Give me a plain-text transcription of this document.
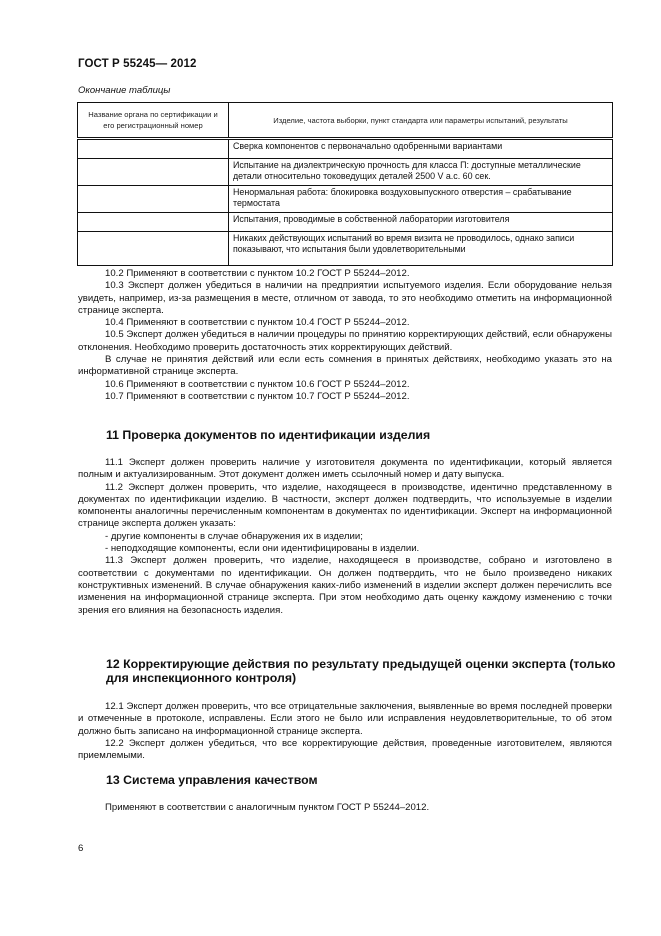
ГОСТ Р 55245— 2012
Окончание таблицы
Название органа по сертификации и его регистрационный номер	Изделие, частота выборки, пункт стандарта или параметры испытаний, результаты
	Сверка компонентов с первоначально одобренными вариантами
	Испытание на диэлектрическую прочность для класса П: доступные металлические детали относительно токоведущих деталей 2500 V a.c. 60 сек.
	Ненормальная работа: блокировка воздуховыпускного отверстия – срабатывание термостата
	Испытания, проводимые в собственной лаборатории изготовителя
	Никаких действующих испытаний во время визита не проводилось, однако записи показывают, что испытания были удовлетворительными

10.2 Применяют в соответствии с пунктом 10.2 ГОСТ Р 55244–2012.

10.3 Эксперт должен убедиться в наличии на предприятии испытуемого изделия. Если оборудование нельзя увидеть, например, из-за размещения в месте, отличном от завода, то это необходимо отметить на информационной странице эксперта.

10.4 Применяют в соответствии с пунктом 10.4 ГОСТ Р 55244–2012.

10.5 Эксперт должен убедиться в наличии процедуры по принятию корректирующих действий, если обнаружены отклонения. Необходимо проверить достаточность этих корректирующих действий.

В случае не принятия действий или если есть сомнения в принятых действиях, необходимо указать это на информативной странице эксперта.

10.6 Применяют в соответствии с пунктом 10.6 ГОСТ Р 55244–2012.

10.7 Применяют в соответствии с пунктом 10.7 ГОСТ Р 55244–2012.

11 Проверка документов по идентификации изделия

11.1 Эксперт должен проверить наличие у изготовителя документа по идентификации, который является полным и актуализированным. Этот документ должен иметь ссылочный номер и дату выпуска.

11.2 Эксперт должен проверить, что изделие, находящееся в производстве, идентично представленному в документах по идентификации изделию. В частности, эксперт должен подтвердить, что используемые в изделии компоненты аналогичны перечисленным компонентам в документах по идентификации. Эксперт на информационной странице эксперта должен указать:

- другие компоненты в случае обнаружения их в изделии;

- неподходящие компоненты, если они идентифицированы в изделии.

11.3 Эксперт должен проверить, что изделие, находящееся в производстве, собрано и изготовлено в соответствии с документами по идентификации. Он должен подтвердить, что не было произведено никаких конструктивных изменений. В случае обнаружения каких-либо изменений в изделии эксперт должен перечислить все изменения на информационной странице эксперта. При этом необходимо дать оценку каждому изменению с точки зрения его влияния на безопасность изделия.

12 Корректирующие действия по результату предыдущей оценки эксперта (только для инспекционного контроля)

12.1 Эксперт должен проверить, что все отрицательные заключения, выявленные во время последней проверки и отмеченные в протоколе, исправлены. Если этого не было или исправления неудовлетворительные, то об этом должно быть записано на информационной странице эксперта.

12.2 Эксперт должен убедиться, что все корректирующие действия, проведенные изготовителем, являются приемлемыми.

13 Система управления качеством

Применяют в соответствии с аналогичным пунктом ГОСТ Р 55244–2012.

6
